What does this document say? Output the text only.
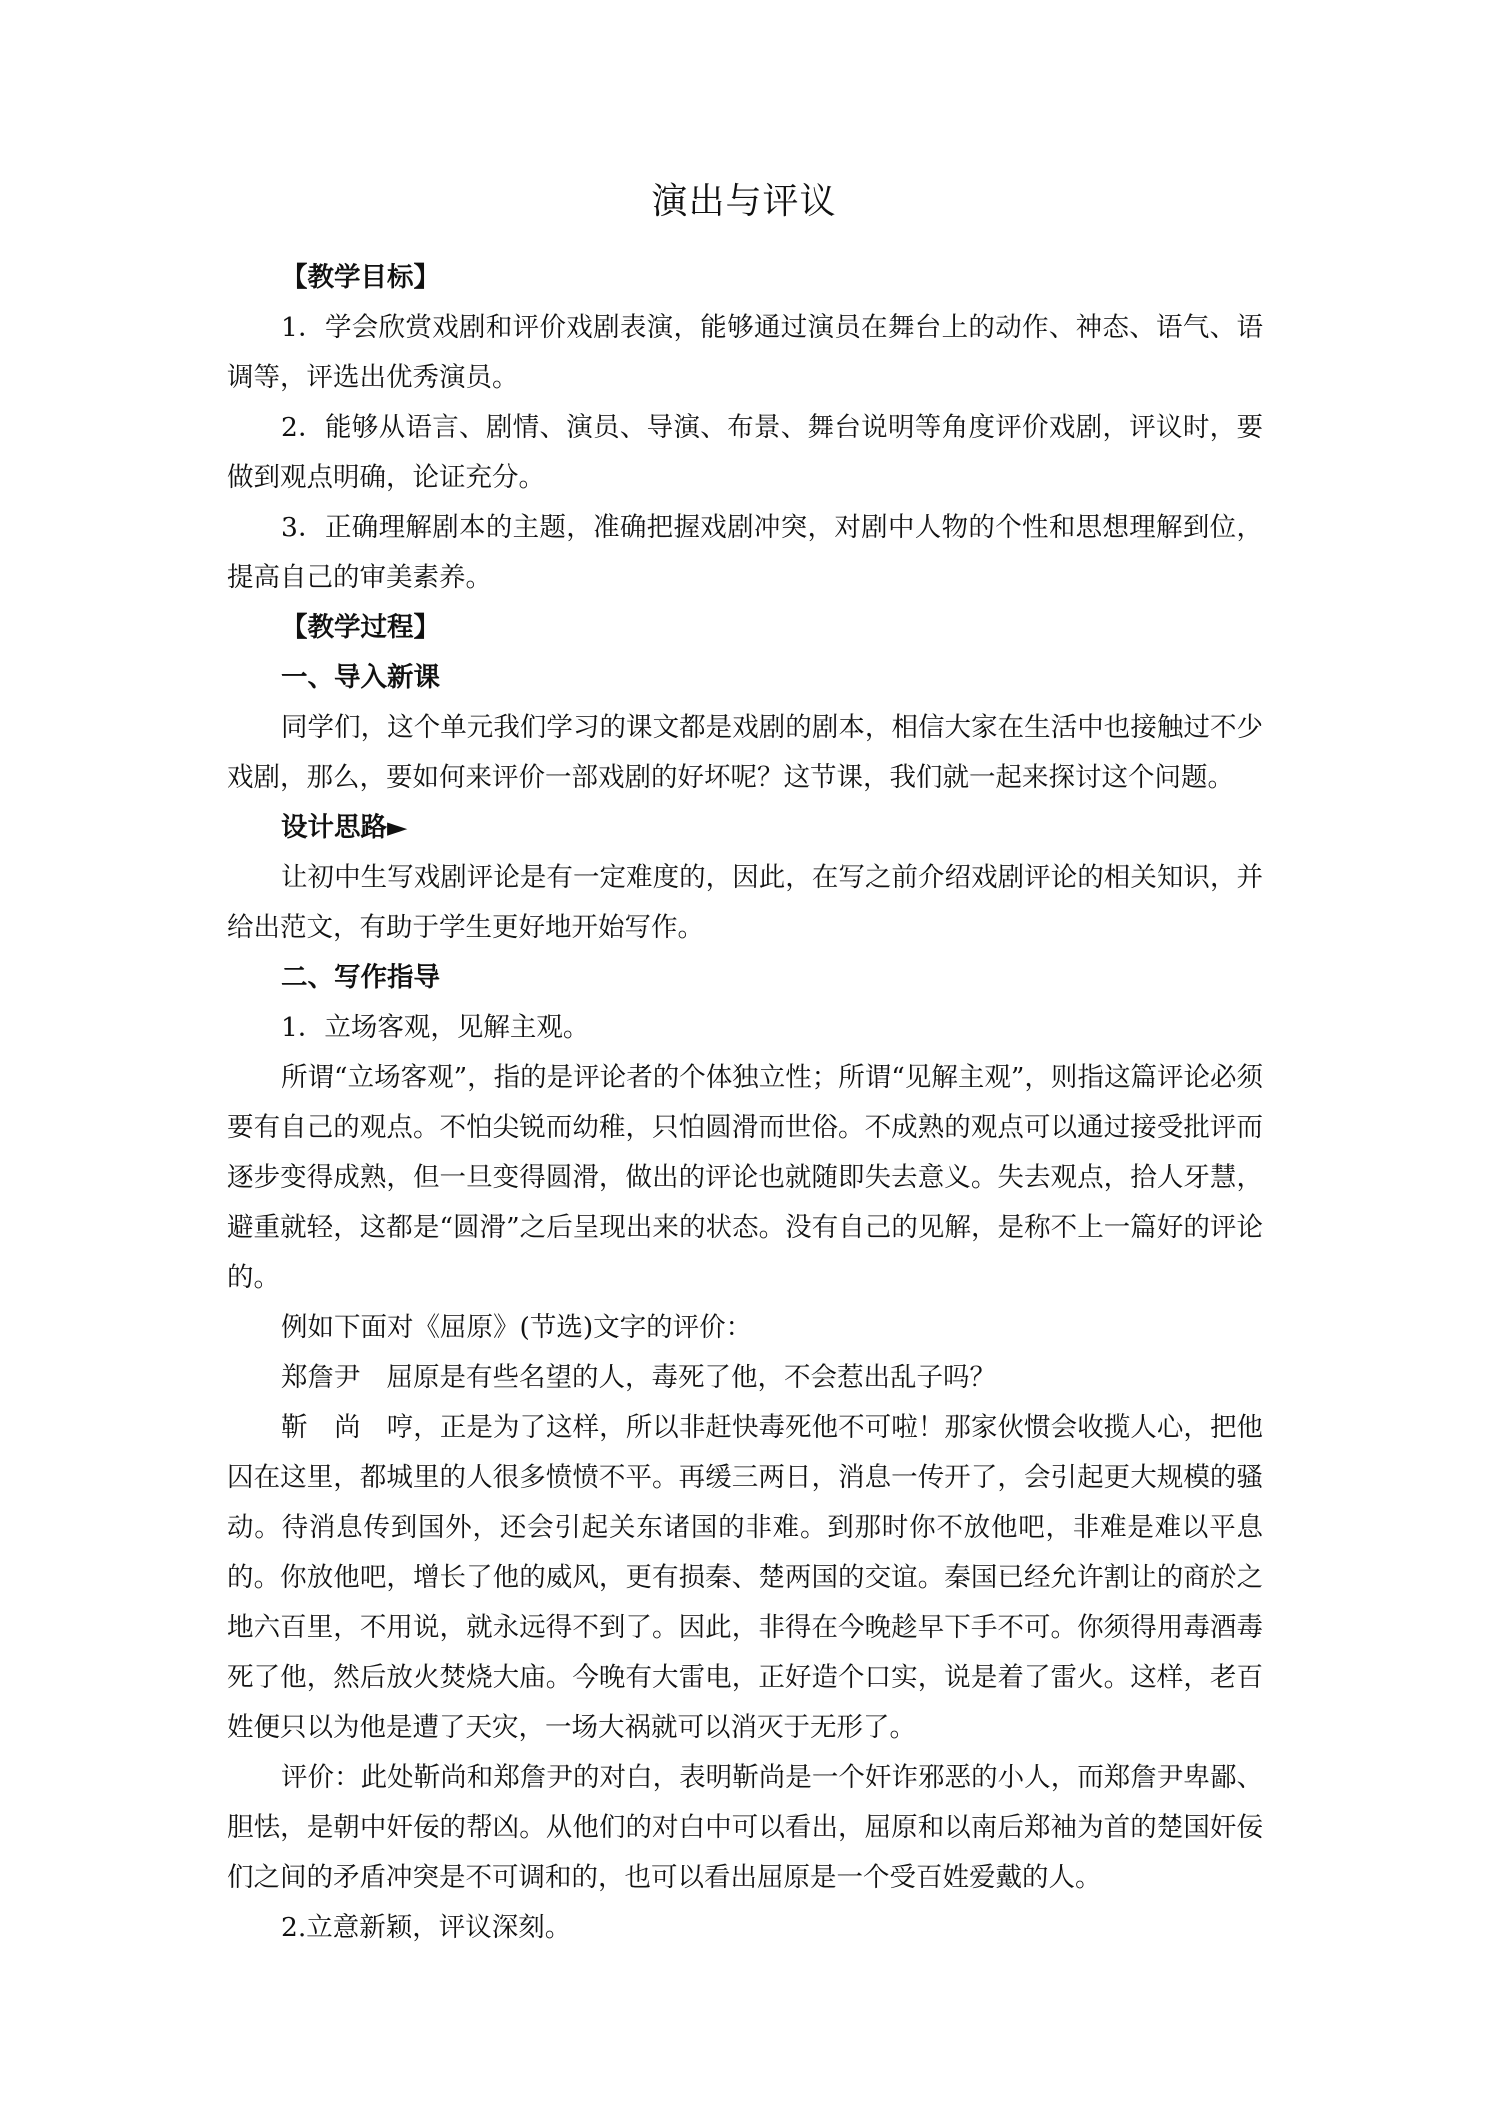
演出与评议

【教学目标】

1．学会欣赏戏剧和评价戏剧表演，能够通过演员在舞台上的动作、神态、语气、语调等，评选出优秀演员。

2．能够从语言、剧情、演员、导演、布景、舞台说明等角度评价戏剧，评议时，要做到观点明确，论证充分。

3．正确理解剧本的主题，准确把握戏剧冲突，对剧中人物的个性和思想理解到位，提高自己的审美素养。

【教学过程】

一、导入新课

同学们，这个单元我们学习的课文都是戏剧的剧本，相信大家在生活中也接触过不少戏剧，那么，要如何来评价一部戏剧的好坏呢？这节课，我们就一起来探讨这个问题。

设计思路►

让初中生写戏剧评论是有一定难度的，因此，在写之前介绍戏剧评论的相关知识，并给出范文，有助于学生更好地开始写作。

二、写作指导

1．立场客观，见解主观。

所谓“立场客观”，指的是评论者的个体独立性；所谓“见解主观”，则指这篇评论必须要有自己的观点。不怕尖锐而幼稚，只怕圆滑而世俗。不成熟的观点可以通过接受批评而逐步变得成熟，但一旦变得圆滑，做出的评论也就随即失去意义。失去观点，拾人牙慧，避重就轻，这都是“圆滑”之后呈现出来的状态。没有自己的见解，是称不上一篇好的评论的。

例如下面对《屈原》(节选)文字的评价：

郑詹尹 屈原是有些名望的人，毒死了他，不会惹出乱子吗？

靳　尚 哼，正是为了这样，所以非赶快毒死他不可啦！那家伙惯会收揽人心，把他囚在这里，都城里的人很多愤愤不平。再缓三两日，消息一传开了，会引起更大规模的骚动。待消息传到国外，还会引起关东诸国的非难。到那时你不放他吧，非难是难以平息的。你放他吧，增长了他的威风，更有损秦、楚两国的交谊。秦国已经允许割让的商於之地六百里，不用说，就永远得不到了。因此，非得在今晚趁早下手不可。你须得用毒酒毒死了他，然后放火焚烧大庙。今晚有大雷电，正好造个口实，说是着了雷火。这样，老百姓便只以为他是遭了天灾，一场大祸就可以消灭于无形了。

评价：此处靳尚和郑詹尹的对白，表明靳尚是一个奸诈邪恶的小人，而郑詹尹卑鄙、胆怯，是朝中奸佞的帮凶。从他们的对白中可以看出，屈原和以南后郑袖为首的楚国奸佞们之间的矛盾冲突是不可调和的，也可以看出屈原是一个受百姓爱戴的人。

2.立意新颖，评议深刻。
